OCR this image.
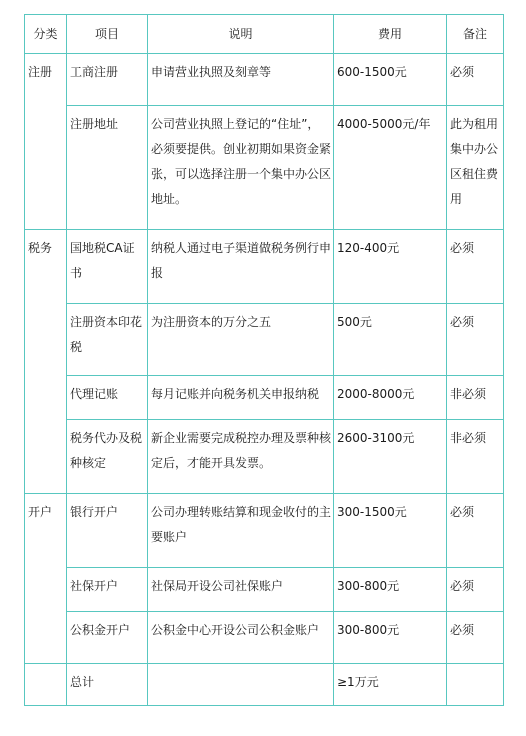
分类	项目	说明	费用	备注

注册	工商注册	申请营业执照及刻章等	600-1500元	必须

	注册地址	公司营业执照上登记的“住址”，必须要提供。创业初期如果资金紧张，可以选择注册一个集中办公区地址。	4000-5000元/年	此为租用集中办公区租住费用

税务	国地税CA证书	纳税人通过电子渠道做税务例行申报	120-400元	必须

	注册资本印花税	为注册资本的万分之五	500元	必须

	代理记账	每月记账并向税务机关申报纳税	2000-8000元	非必须

	税务代办及税种核定	新企业需要完成税控办理及票种核定后，才能开具发票。	2600-3100元	非必须

开户	银行开户	公司办理转账结算和现金收付的主要账户	300-1500元	必须

	社保开户	社保局开设公司社保账户	300-800元	必须

	公积金开户	公积金中心开设公司公积金账户	300-800元	必须

	总计		≥1万元	
